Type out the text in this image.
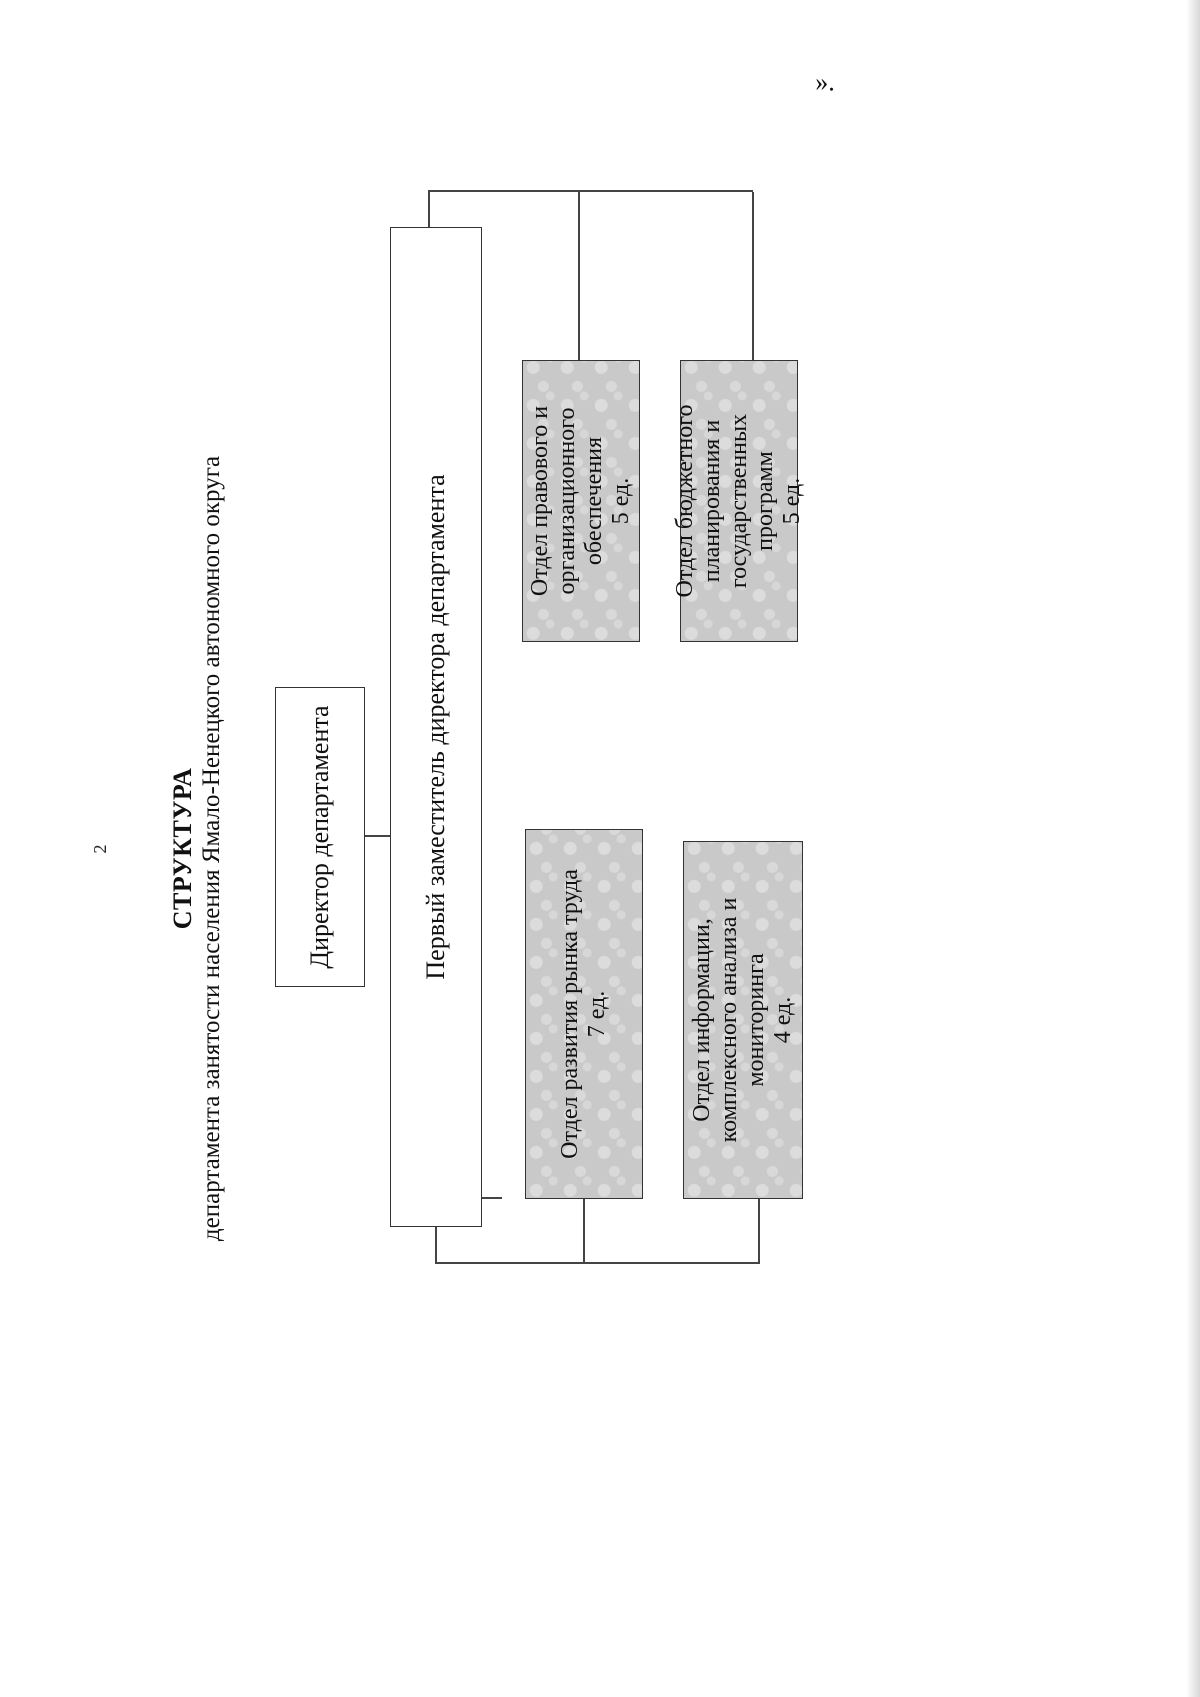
2 СТРУКТУРА департамента занятости населения Ямало-Ненецкого автономного округа	Директор департамента	Первый заместитель директора департамента
Отдел развития рынка труда 7 ед.	Отдел информации, комплексного анализа и мониторинга 4 ед.
Отдел правового и организационного обеспечения 5 ед. Отдел бюджетного планирования и государственных программ 5 ед.
».
